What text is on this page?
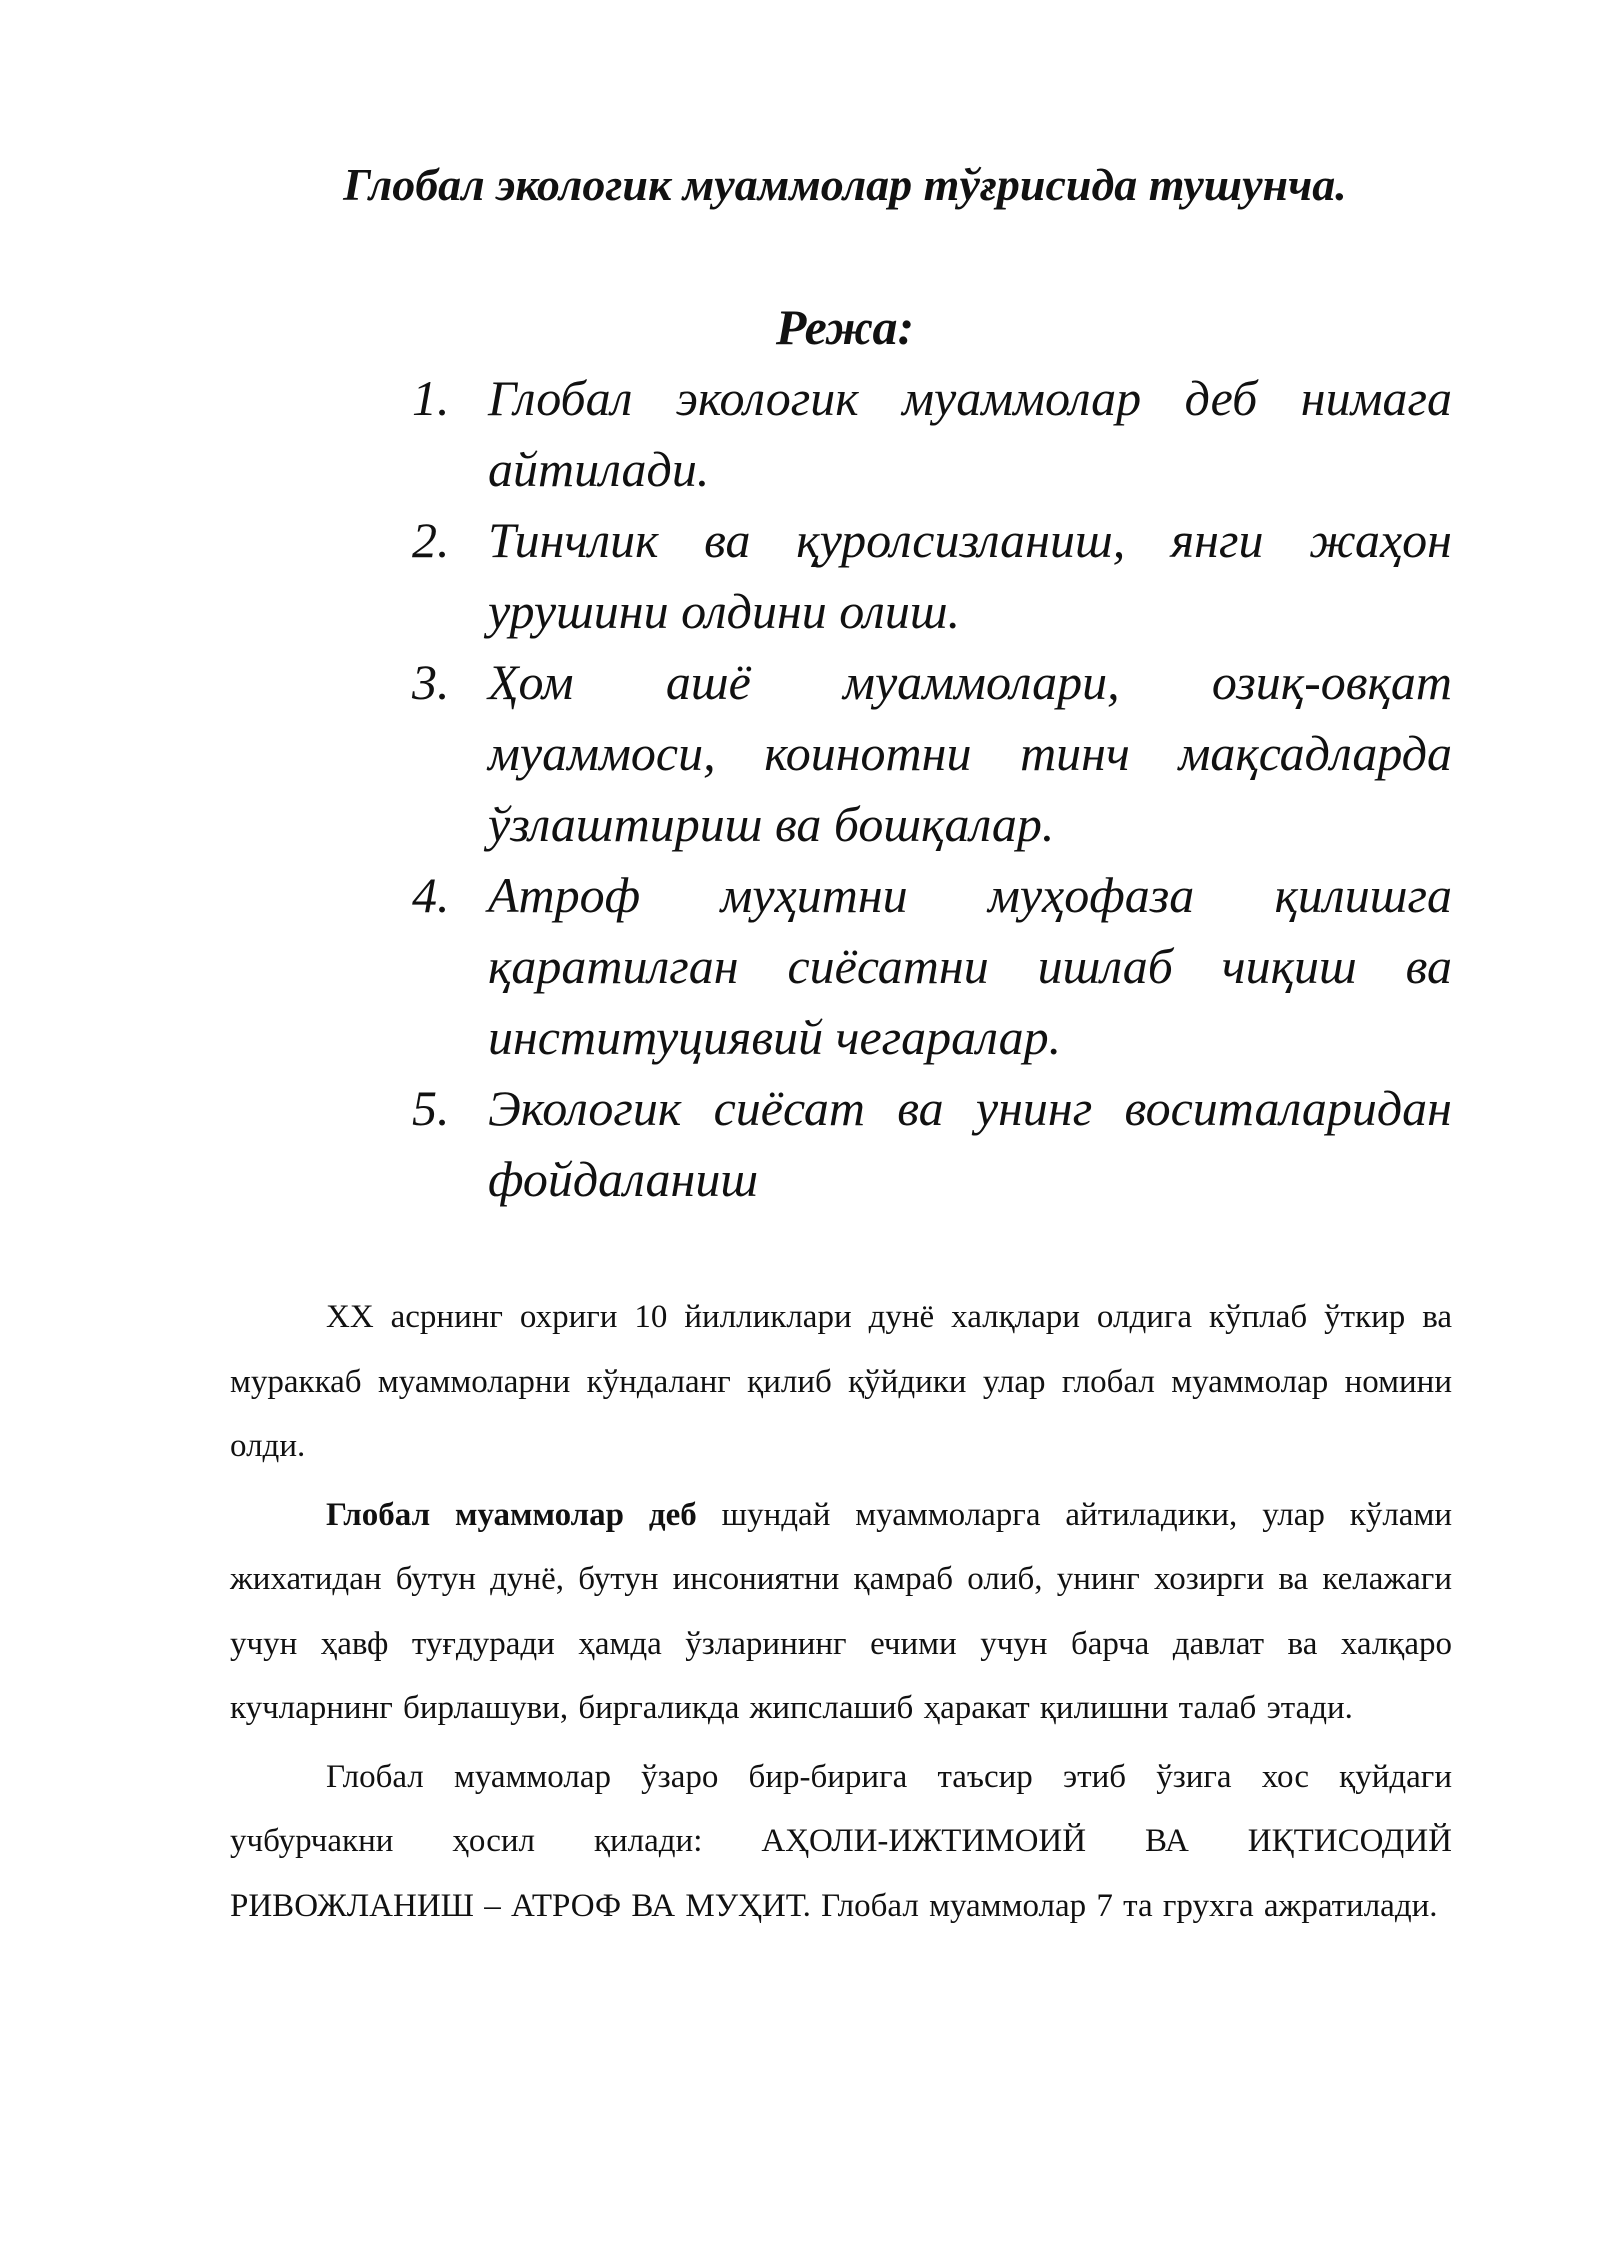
Глобал экологик муаммолар тўғрисида тушунча.
Режа:
1. Глобал экологик муаммолар деб нимага айтилади.
2. Тинчлик ва қуролсизланиш, янги жаҳон урушини олдини олиш.
3. Ҳом ашё муаммолари, озиқ-овқат муаммоси, коинотни тинч мақсадларда ўзлаштириш ва бошқалар.
4. Атроф муҳитни муҳофаза қилишга қаратилган сиёсатни ишлаб чиқиш ва институциявий чегаралар.
5. Экологик сиёсат ва унинг воситаларидан фойдаланиш

XX асрнинг охриги 10 йилликлари дунё халқлари олдига кўплаб ўткир ва мураккаб муаммоларни кўндаланг қилиб қўйдики улар глобал муаммолар номини олди.

Глобал муаммолар деб шундай муаммоларга айтиладики, улар кўлами жихатидан бутун дунё, бутун инсониятни қамраб олиб, унинг хозирги ва келажаги учун ҳавф туғдуради ҳамда ўзларининг ечими учун барча давлат ва халқаро кучларнинг бирлашуви, биргаликда жипслашиб ҳаракат қилишни талаб этади.

Глобал муаммолар ўзаро бир-бирига таъсир этиб ўзига хос қуйдаги учбурчакни ҳосил қилади: АҲОЛИ-ИЖТИМОИЙ ВА ИҚТИСОДИЙ РИВОЖЛАНИШ – АТРОФ ВА МУҲИТ. Глобал муаммолар 7 та грухга ажратилади.
